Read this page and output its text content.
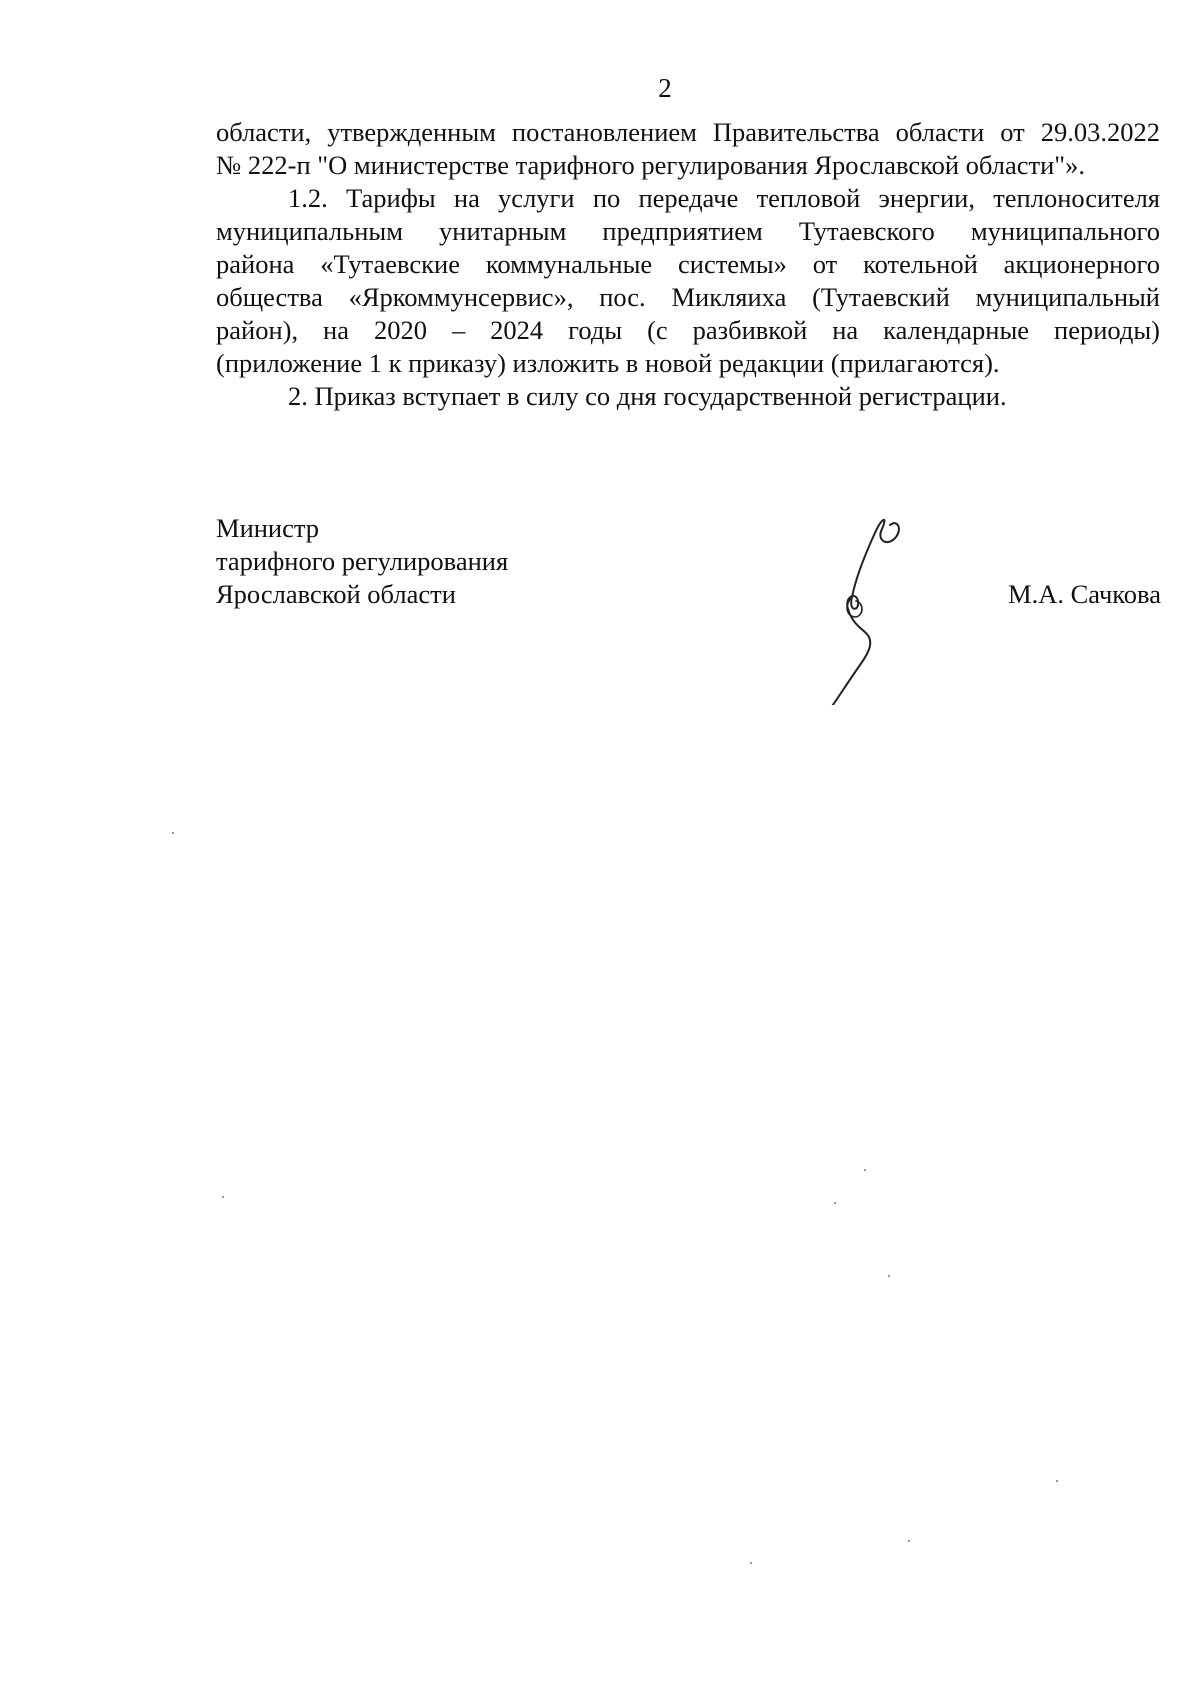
2

области, утвержденным постановлением Правительства области от 29.03.2022
№ 222-п "О министерстве тарифного регулирования Ярославской области"».

1.2. Тарифы на услуги по передаче тепловой энергии, теплоносителя

муниципальным унитарным предприятием Тутаевского муниципального
района «Тутаевские коммунальные системы» от котельной акционерного
общества «Яркоммунсервис», пос. Микляиха (Тутаевский муниципальный
район), на 2020 – 2024 годы (с разбивкой на календарные периоды)
(приложение 1 к приказу) изложить в новой редакции (прилагаются).

2. Приказ вступает в силу со дня государственной регистрации.

Министр
тарифного регулирования
Ярославской области	М.А. Сачкова
